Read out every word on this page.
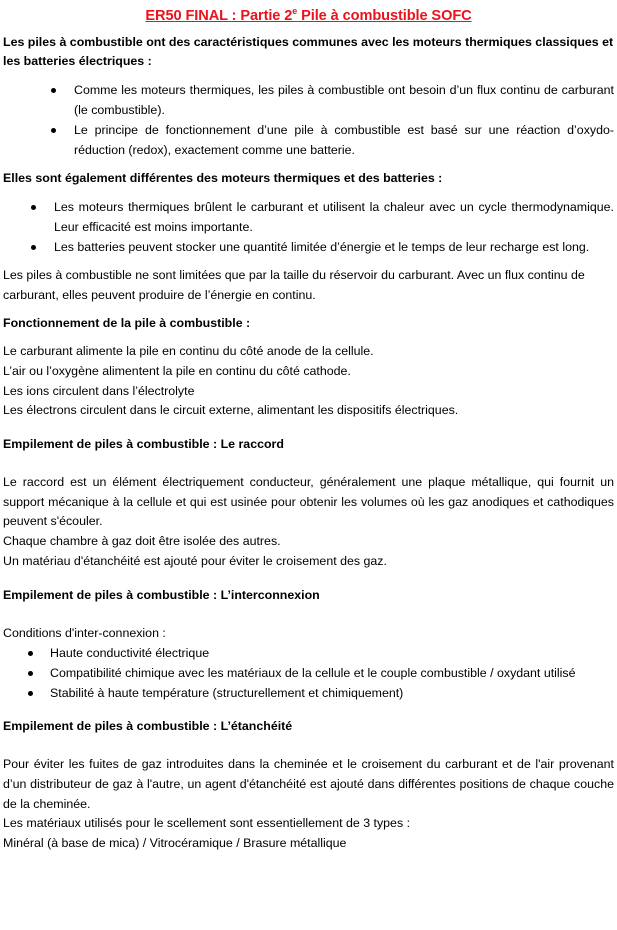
ER50 FINAL : Partie 2e Pile à combustible SOFC

Les piles à combustible ont des caractéristiques communes avec les moteurs thermiques classiques et les batteries électriques :

Comme les moteurs thermiques, les piles à combustible ont besoin d’un flux continu de carburant (le combustible).
Le principe de fonctionnement d’une pile à combustible est basé sur une réaction d’oxydo-réduction (redox), exactement comme une batterie.

Elles sont également différentes des moteurs thermiques et des batteries :

Les moteurs thermiques brûlent le carburant et utilisent la chaleur avec un cycle thermodynamique. Leur efficacité est moins importante.
Les batteries peuvent stocker une quantité limitée d’énergie et le temps de leur recharge est long.

Les piles à combustible ne sont limitées que par la taille du réservoir du carburant. Avec un flux continu de carburant, elles peuvent produire de l’énergie en continu.

Fonctionnement de la pile à combustible :

Le carburant alimente la pile en continu du côté anode de la cellule.

L’air ou l’oxygène alimentent la pile en continu du côté cathode.

Les ions circulent dans l’électrolyte

Les électrons circulent dans le circuit externe, alimentant les dispositifs électriques.

Empilement de piles à combustible : Le raccord

Le raccord est un élément électriquement conducteur, généralement une plaque métallique, qui fournit un support mécanique à la cellule et qui est usinée pour obtenir les volumes où les gaz anodiques et cathodiques peuvent s'écouler.

Chaque chambre à gaz doit être isolée des autres.

Un matériau d'étanchéité est ajouté pour éviter le croisement des gaz.

Empilement de piles à combustible : L’interconnexion

Conditions d'inter-connexion :

Haute conductivité électrique
Compatibilité chimique avec les matériaux de la cellule et le couple combustible / oxydant utilisé
Stabilité à haute température (structurellement et chimiquement)

Empilement de piles à combustible : L’étanchéité

Pour éviter les fuites de gaz introduites dans la cheminée et le croisement du carburant et de l'air provenant d’un distributeur de gaz à l'autre, un agent d'étanchéité est ajouté dans différentes positions de chaque couche de la cheminée.

Les matériaux utilisés pour le scellement sont essentiellement de 3 types :

Minéral (à base de mica) / Vitrocéramique / Brasure métallique
